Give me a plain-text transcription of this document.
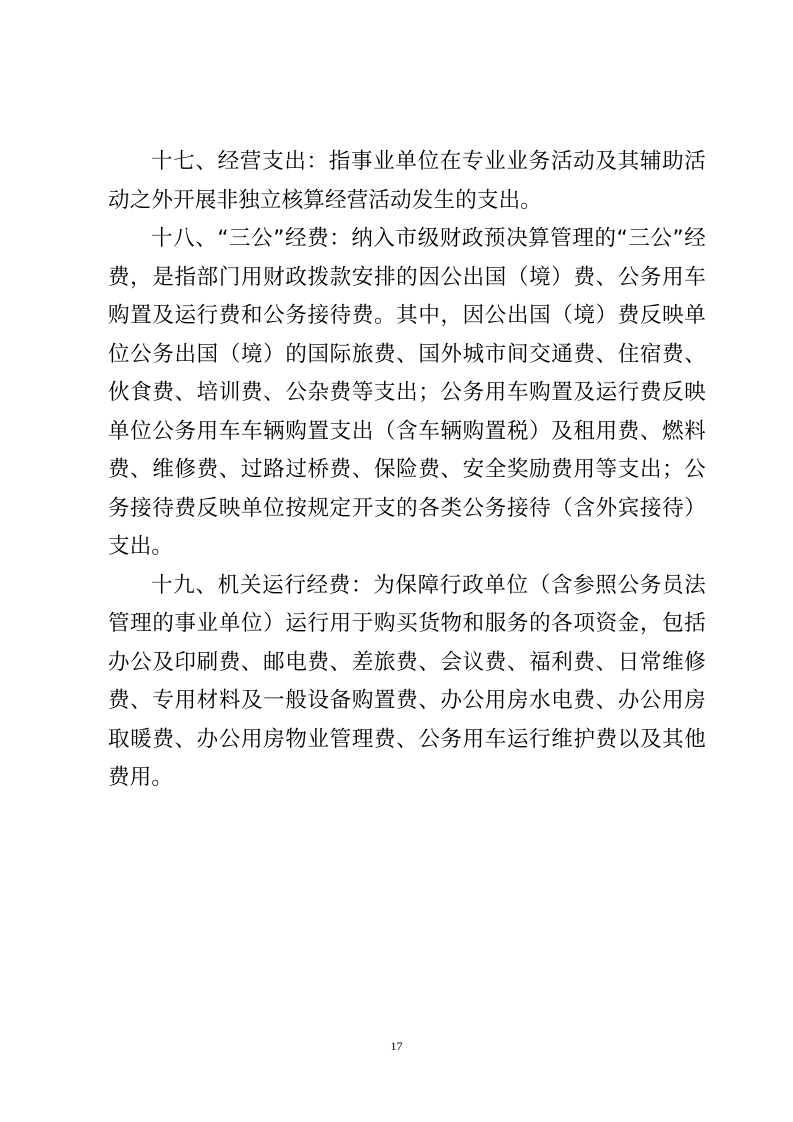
十七、经营支出：指事业单位在专业业务活动及其辅助活动之外开展非独立核算经营活动发生的支出。

十八、“三公”经费：纳入市级财政预决算管理的“三公”经费，是指部门用财政拨款安排的因公出国（境）费、公务用车购置及运行费和公务接待费。其中，因公出国（境）费反映单位公务出国（境）的国际旅费、国外城市间交通费、住宿费、伙食费、培训费、公杂费等支出；公务用车购置及运行费反映单位公务用车车辆购置支出（含车辆购置税）及租用费、燃料费、维修费、过路过桥费、保险费、安全奖励费用等支出；公务接待费反映单位按规定开支的各类公务接待（含外宾接待）支出。

十九、机关运行经费：为保障行政单位（含参照公务员法管理的事业单位）运行用于购买货物和服务的各项资金，包括办公及印刷费、邮电费、差旅费、会议费、福利费、日常维修费、专用材料及一般设备购置费、办公用房水电费、办公用房取暖费、办公用房物业管理费、公务用车运行维护费以及其他费用。

17
